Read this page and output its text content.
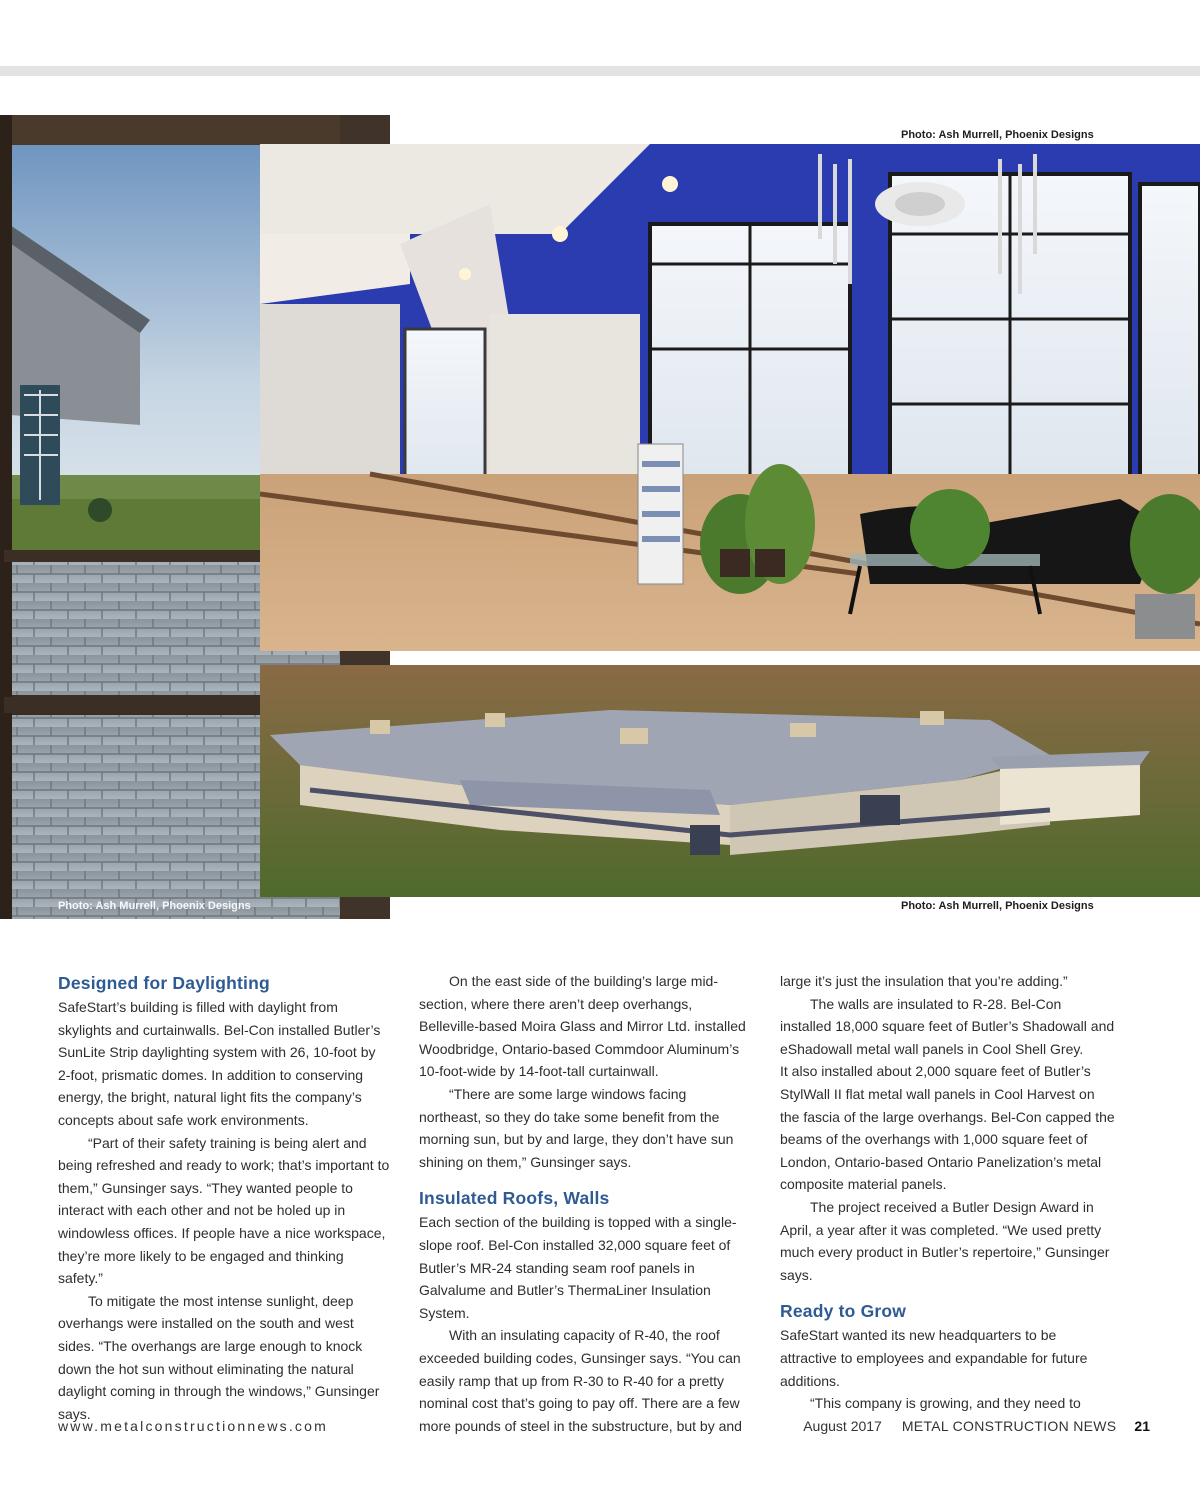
Photo: Ash Murrell, Phoenix Designs
Photo: Ash Murrell, Phoenix Designs
Photo: Ash Murrell, Phoenix Designs
Designed for Daylighting

SafeStart’s building is filled with daylight from skylights and curtainwalls. Bel-Con installed Butler’s SunLite Strip daylighting system with 26, 10-foot by 2-foot, prismatic domes. In addition to conserving energy, the bright, natural light fits the company’s concepts about safe work environments.

“Part of their safety training is being alert and being refreshed and ready to work; that’s important to them,” Gunsinger says. “They wanted people to interact with each other and not be holed up in windowless offices. If people have a nice workspace, they’re more likely to be engaged and thinking safety.”

To mitigate the most intense sunlight, deep overhangs were installed on the south and west sides. “The overhangs are large enough to knock down the hot sun without eliminating the natural daylight coming in through the windows,” Gunsinger says.

On the east side of the building’s large mid-section, where there aren’t deep overhangs, Belleville-based Moira Glass and Mirror Ltd. installed Woodbridge, Ontario-based Commdoor Aluminum’s 10-foot-wide by 14-foot-tall curtainwall.

“There are some large windows facing northeast, so they do take some benefit from the morning sun, but by and large, they don’t have sun shining on them,” Gunsinger says.

Insulated Roofs, Walls

Each section of the building is topped with a single-slope roof. Bel-Con installed 32,000 square feet of Butler’s MR-24 standing seam roof panels in Galvalume and Butler’s ThermaLiner Insulation System.

With an insulating capacity of R-40, the roof exceeded building codes, Gunsinger says. “You can easily ramp that up from R-30 to R-40 for a pretty nominal cost that’s going to pay off. There are a few more pounds of steel in the substructure, but by and

large it’s just the insulation that you’re adding.”

The walls are insulated to R-28. Bel-Con installed 18,000 square feet of Butler’s Shadowall and eShadowall metal wall panels in Cool Shell Grey.

It also installed about 2,000 square feet of Butler’s StylWall II flat metal wall panels in Cool Harvest on the fascia of the large overhangs. Bel-Con capped the beams of the overhangs with 1,000 square feet of London, Ontario-based Ontario Panelization’s metal composite material panels.

The project received a Butler Design Award in April, a year after it was completed. “We used pretty much every product in Butler’s repertoire,” Gunsinger says.

Ready to Grow

SafeStart wanted its new headquarters to be attractive to employees and expandable for future additions.

“This company is growing, and they need to

www.metalconstructionnews.com	August 2017 METAL CONSTRUCTION NEWS 21
